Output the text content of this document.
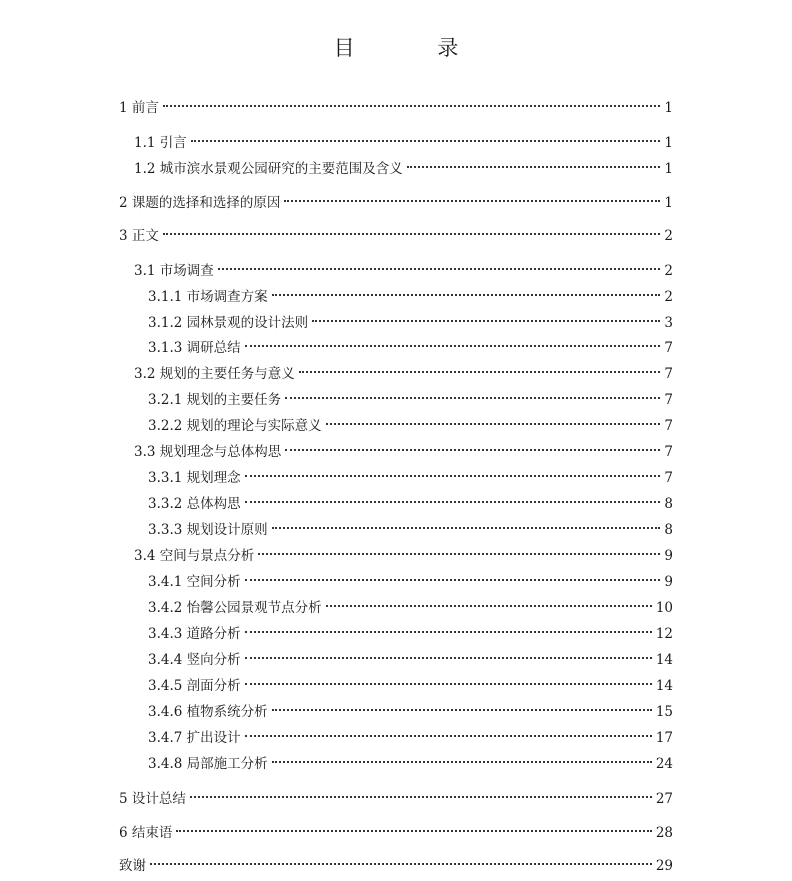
目 录
1 前言	1
1.1 引言	1
1.2 城市滨水景观公园研究的主要范围及含义	1
2 课题的选择和选择的原因	1
3 正文	2
3.1 市场调查	2
3.1.1 市场调查方案	2
3.1.2 园林景观的设计法则	3
3.1.3 调研总结	7
3.2 规划的主要任务与意义	7
3.2.1 规划的主要任务	7
3.2.2 规划的理论与实际意义	7
3.3 规划理念与总体构思	7
3.3.1 规划理念	7
3.3.2 总体构思	8
3.3.3 规划设计原则	8
3.4 空间与景点分析	9
3.4.1 空间分析	9
3.4.2 怡馨公园景观节点分析	10
3.4.3 道路分析	12
3.4.4 竖向分析	14
3.4.5 剖面分析	14
3.4.6 植物系统分析	15
3.4.7 扩出设计	17
3.4.8 局部施工分析	24
5 设计总结	27
6 结束语	28
致谢	29
